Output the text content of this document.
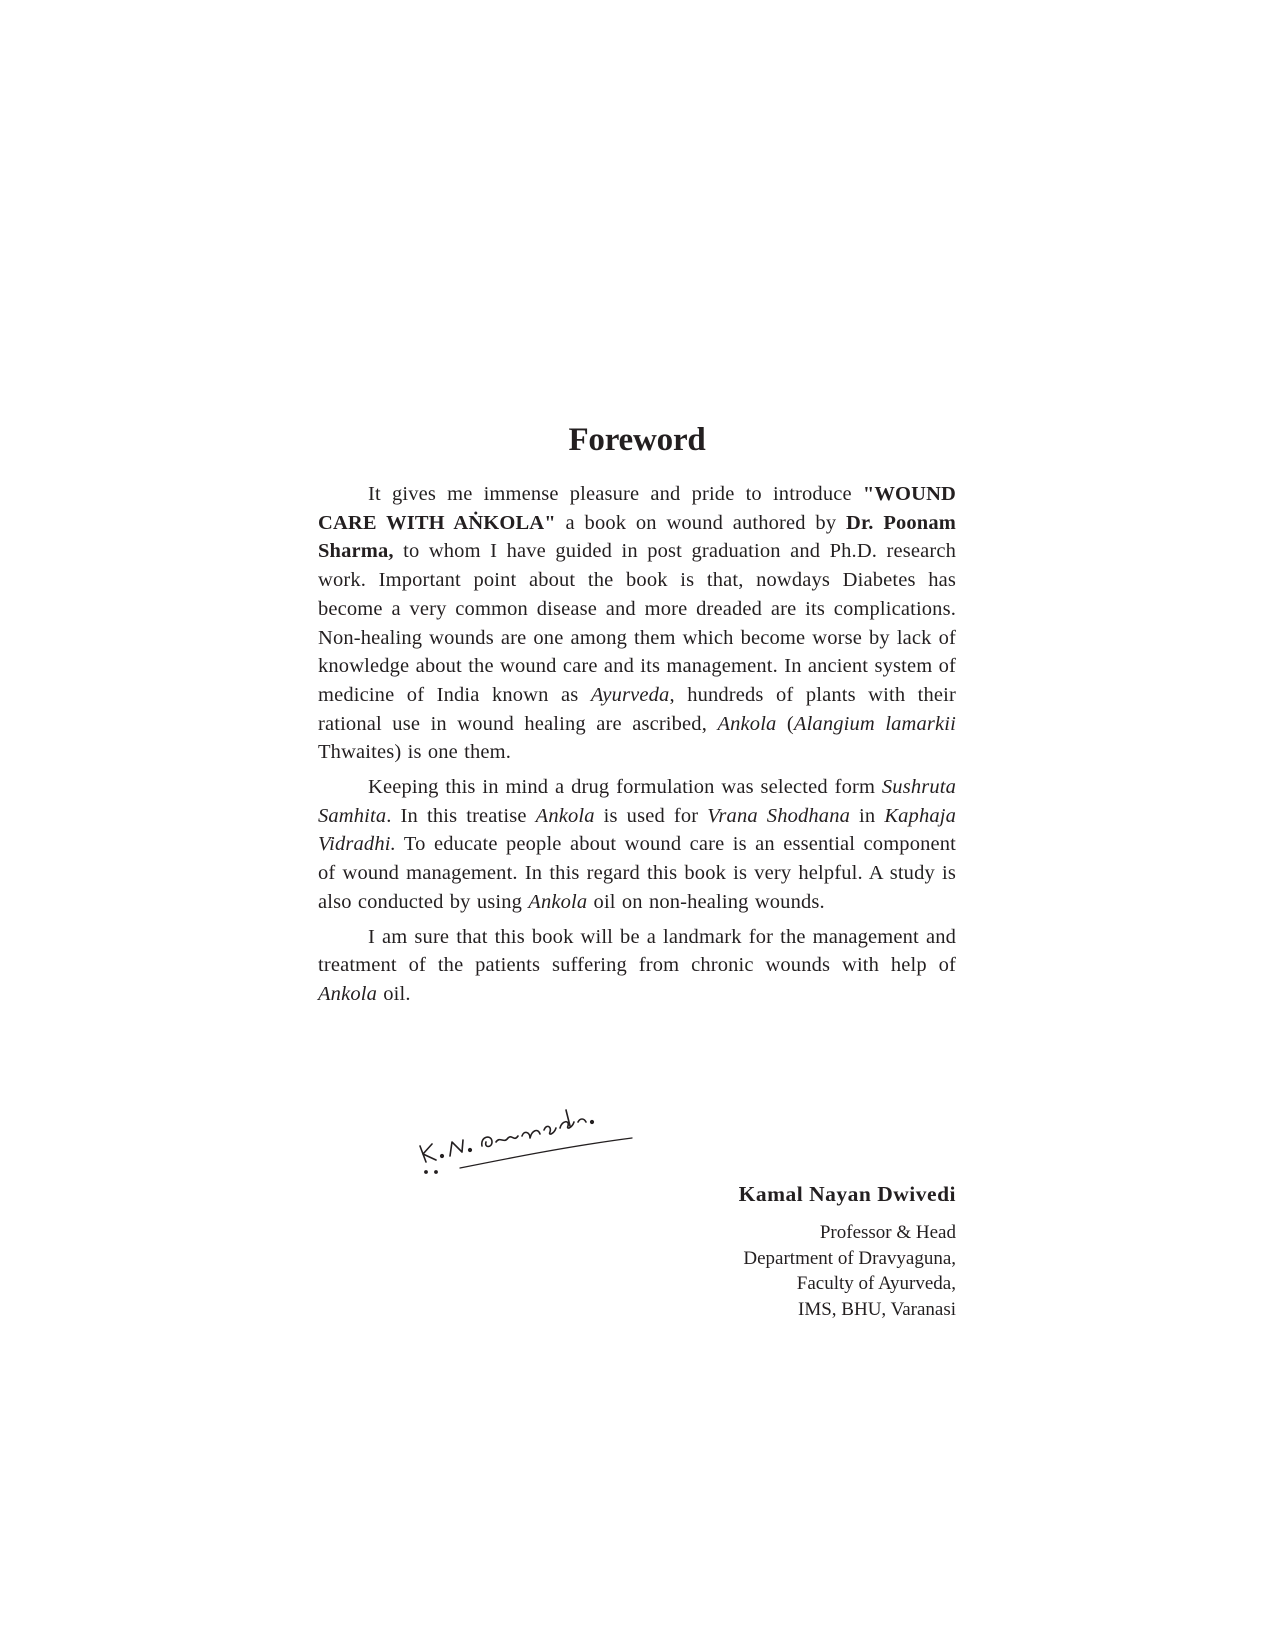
Foreword

It gives me immense pleasure and pride to introduce "WOUND CARE WITH AṄKOLA" a book on wound authored by Dr. Poonam Sharma, to whom I have guided in post graduation and Ph.D. research work. Important point about the book is that, nowdays Diabetes has become a very common disease and more dreaded are its complications. Non-healing wounds are one among them which become worse by lack of knowledge about the wound care and its management. In ancient system of medicine of India known as Ayurveda, hundreds of plants with their rational use in wound healing are ascribed, Ankola (Alangium lamarkii Thwaites) is one them.

Keeping this in mind a drug formulation was selected form Sushruta Samhita. In this treatise Ankola is used for Vrana Shodhana in Kaphaja Vidradhi. To educate people about wound care is an essential component of wound management. In this regard this book is very helpful. A study is also conducted by using Ankola oil on non-healing wounds.

I am sure that this book will be a landmark for the management and treatment of the patients suffering from chronic wounds with help of Ankola oil.

Kamal Nayan Dwivedi
Professor & Head
Department of Dravyaguna,
Faculty of Ayurveda,
IMS, BHU, Varanasi
